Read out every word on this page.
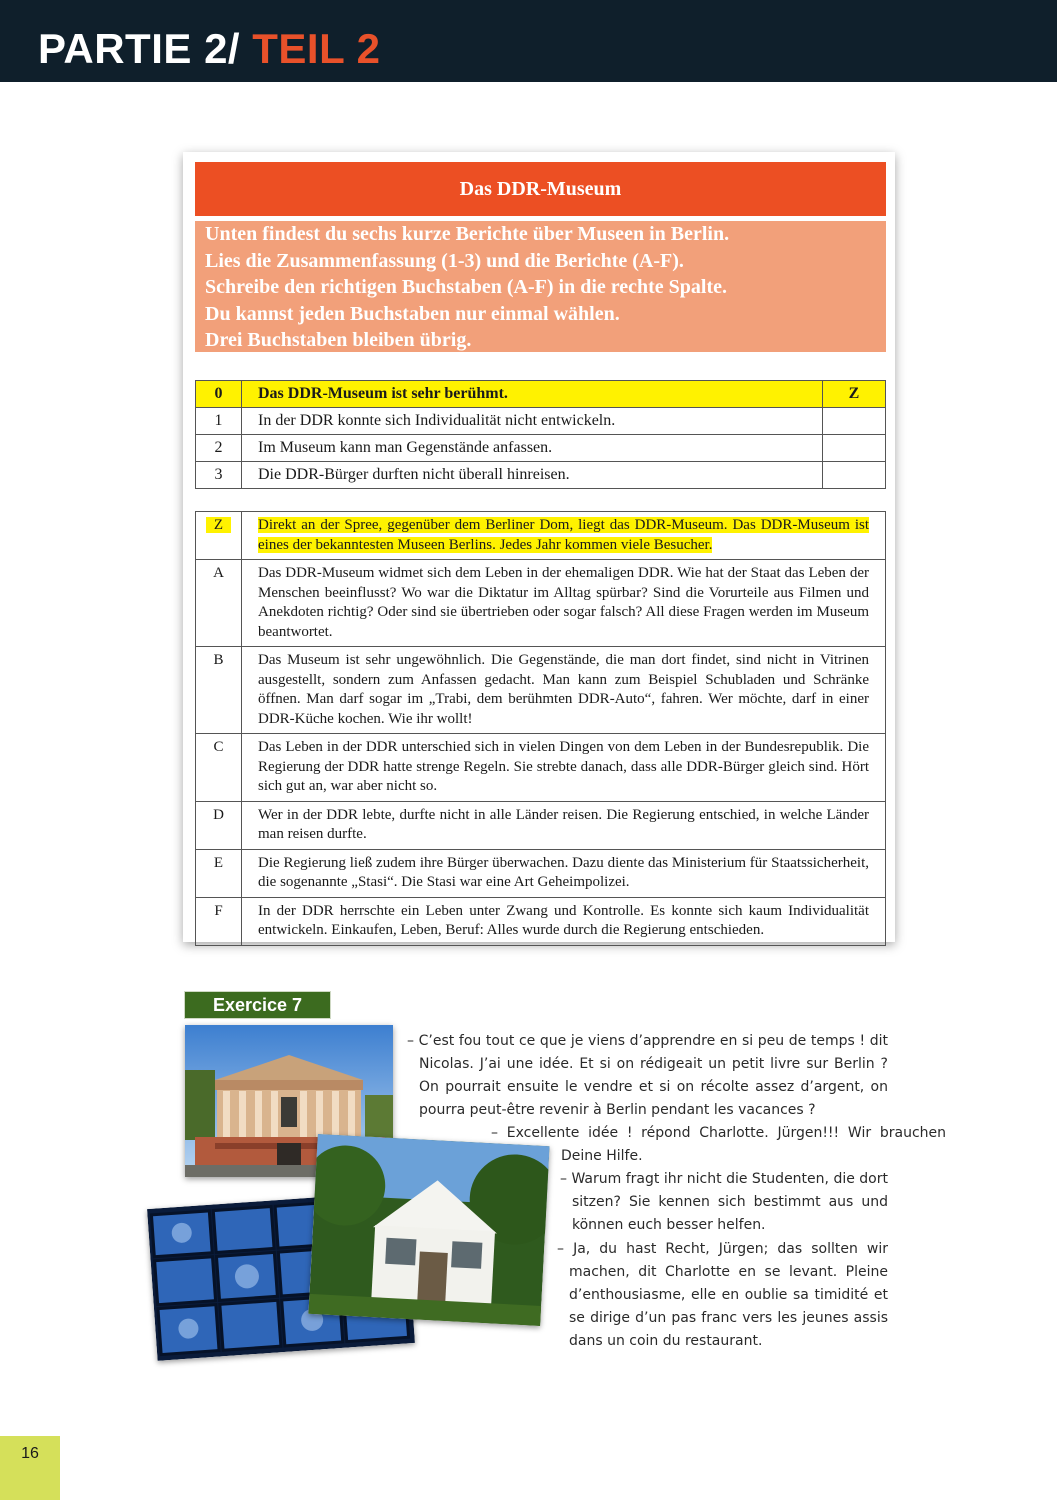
PARTIE 2/ TEIL 2
Das DDR-Museum

Unten findest du sechs kurze Berichte über Museen in Berlin.

Lies die Zusammenfassung (1-3) und die Berichte (A-F).

Schreibe den richtigen Buchstaben (A-F) in die rechte Spalte.

Du kannst jeden Buchstaben nur einmal wählen.

Drei Buchstaben bleiben übrig.

0	Das DDR-Museum ist sehr berühmt.	Z
1	In der DDR konnte sich Individualität nicht entwickeln.	
2	Im Museum kann man Gegenstände anfassen.	
3	Die DDR-Bürger durften nicht überall hinreisen.	
Z	Direkt an der Spree, gegenüber dem Berliner Dom, liegt das DDR-Museum. Das DDR-Museum ist eines der bekanntesten Museen Berlins. Jedes Jahr kommen viele Besucher.
A	Das DDR-Museum widmet sich dem Leben in der ehemaligen DDR. Wie hat der Staat das Leben der Menschen beeinflusst? Wo war die Diktatur im Alltag spürbar? Sind die Vorurteile aus Filmen und Anekdoten richtig? Oder sind sie übertrieben oder sogar falsch? All diese Fragen werden im Museum beantwortet.
B	Das Museum ist sehr ungewöhnlich. Die Gegenstände, die man dort findet, sind nicht in Vitrinen ausgestellt, sondern zum Anfassen gedacht. Man kann zum Beispiel Schubladen und Schränke öffnen. Man darf sogar im „Trabi, dem berühmten DDR-Auto“, fahren. Wer möchte, darf in einer DDR-Küche kochen. Wie ihr wollt!
C	Das Leben in der DDR unterschied sich in vielen Dingen von dem Leben in der Bundesrepublik. Die Regierung der DDR hatte strenge Regeln. Sie strebte danach, dass alle DDR-Bürger gleich sind. Hört sich gut an, war aber nicht so.
D	Wer in der DDR lebte, durfte nicht in alle Länder reisen. Die Regierung entschied, in welche Länder man reisen durfte.
E	Die Regierung ließ zudem ihre Bürger überwachen. Dazu diente das Ministerium für Staatssicherheit, die sogenannte „Stasi“. Die Stasi war eine Art Geheimpolizei.
F	In der DDR herrschte ein Leben unter Zwang und Kontrolle. Es konnte sich kaum Individualität entwickeln. Einkaufen, Leben, Beruf: Alles wurde durch die Regierung entschieden.
Exercice 7

– C’est fou tout ce que je viens d’apprendre en si peu de temps ! dit Nicolas. J’ai une idée. Et si on rédigeait un petit livre sur Berlin ? On pourrait ensuite le vendre et si on récolte assez d’argent, on pourra peut-être revenir à Berlin pendant les vacances ?

– Excellente idée ! répond Charlotte. Jürgen!!! Wir brauchen Deine Hilfe.

– Warum fragt ihr nicht die Studenten, die dort sitzen? Sie kennen sich bestimmt aus und können euch besser helfen.

– Ja, du hast Recht, Jürgen; das sollten wir machen, dit Charlotte en se levant. Pleine d’enthousiasme, elle en oublie sa timidité et se dirige d’un pas franc vers les jeunes assis dans un coin du restaurant.

16
